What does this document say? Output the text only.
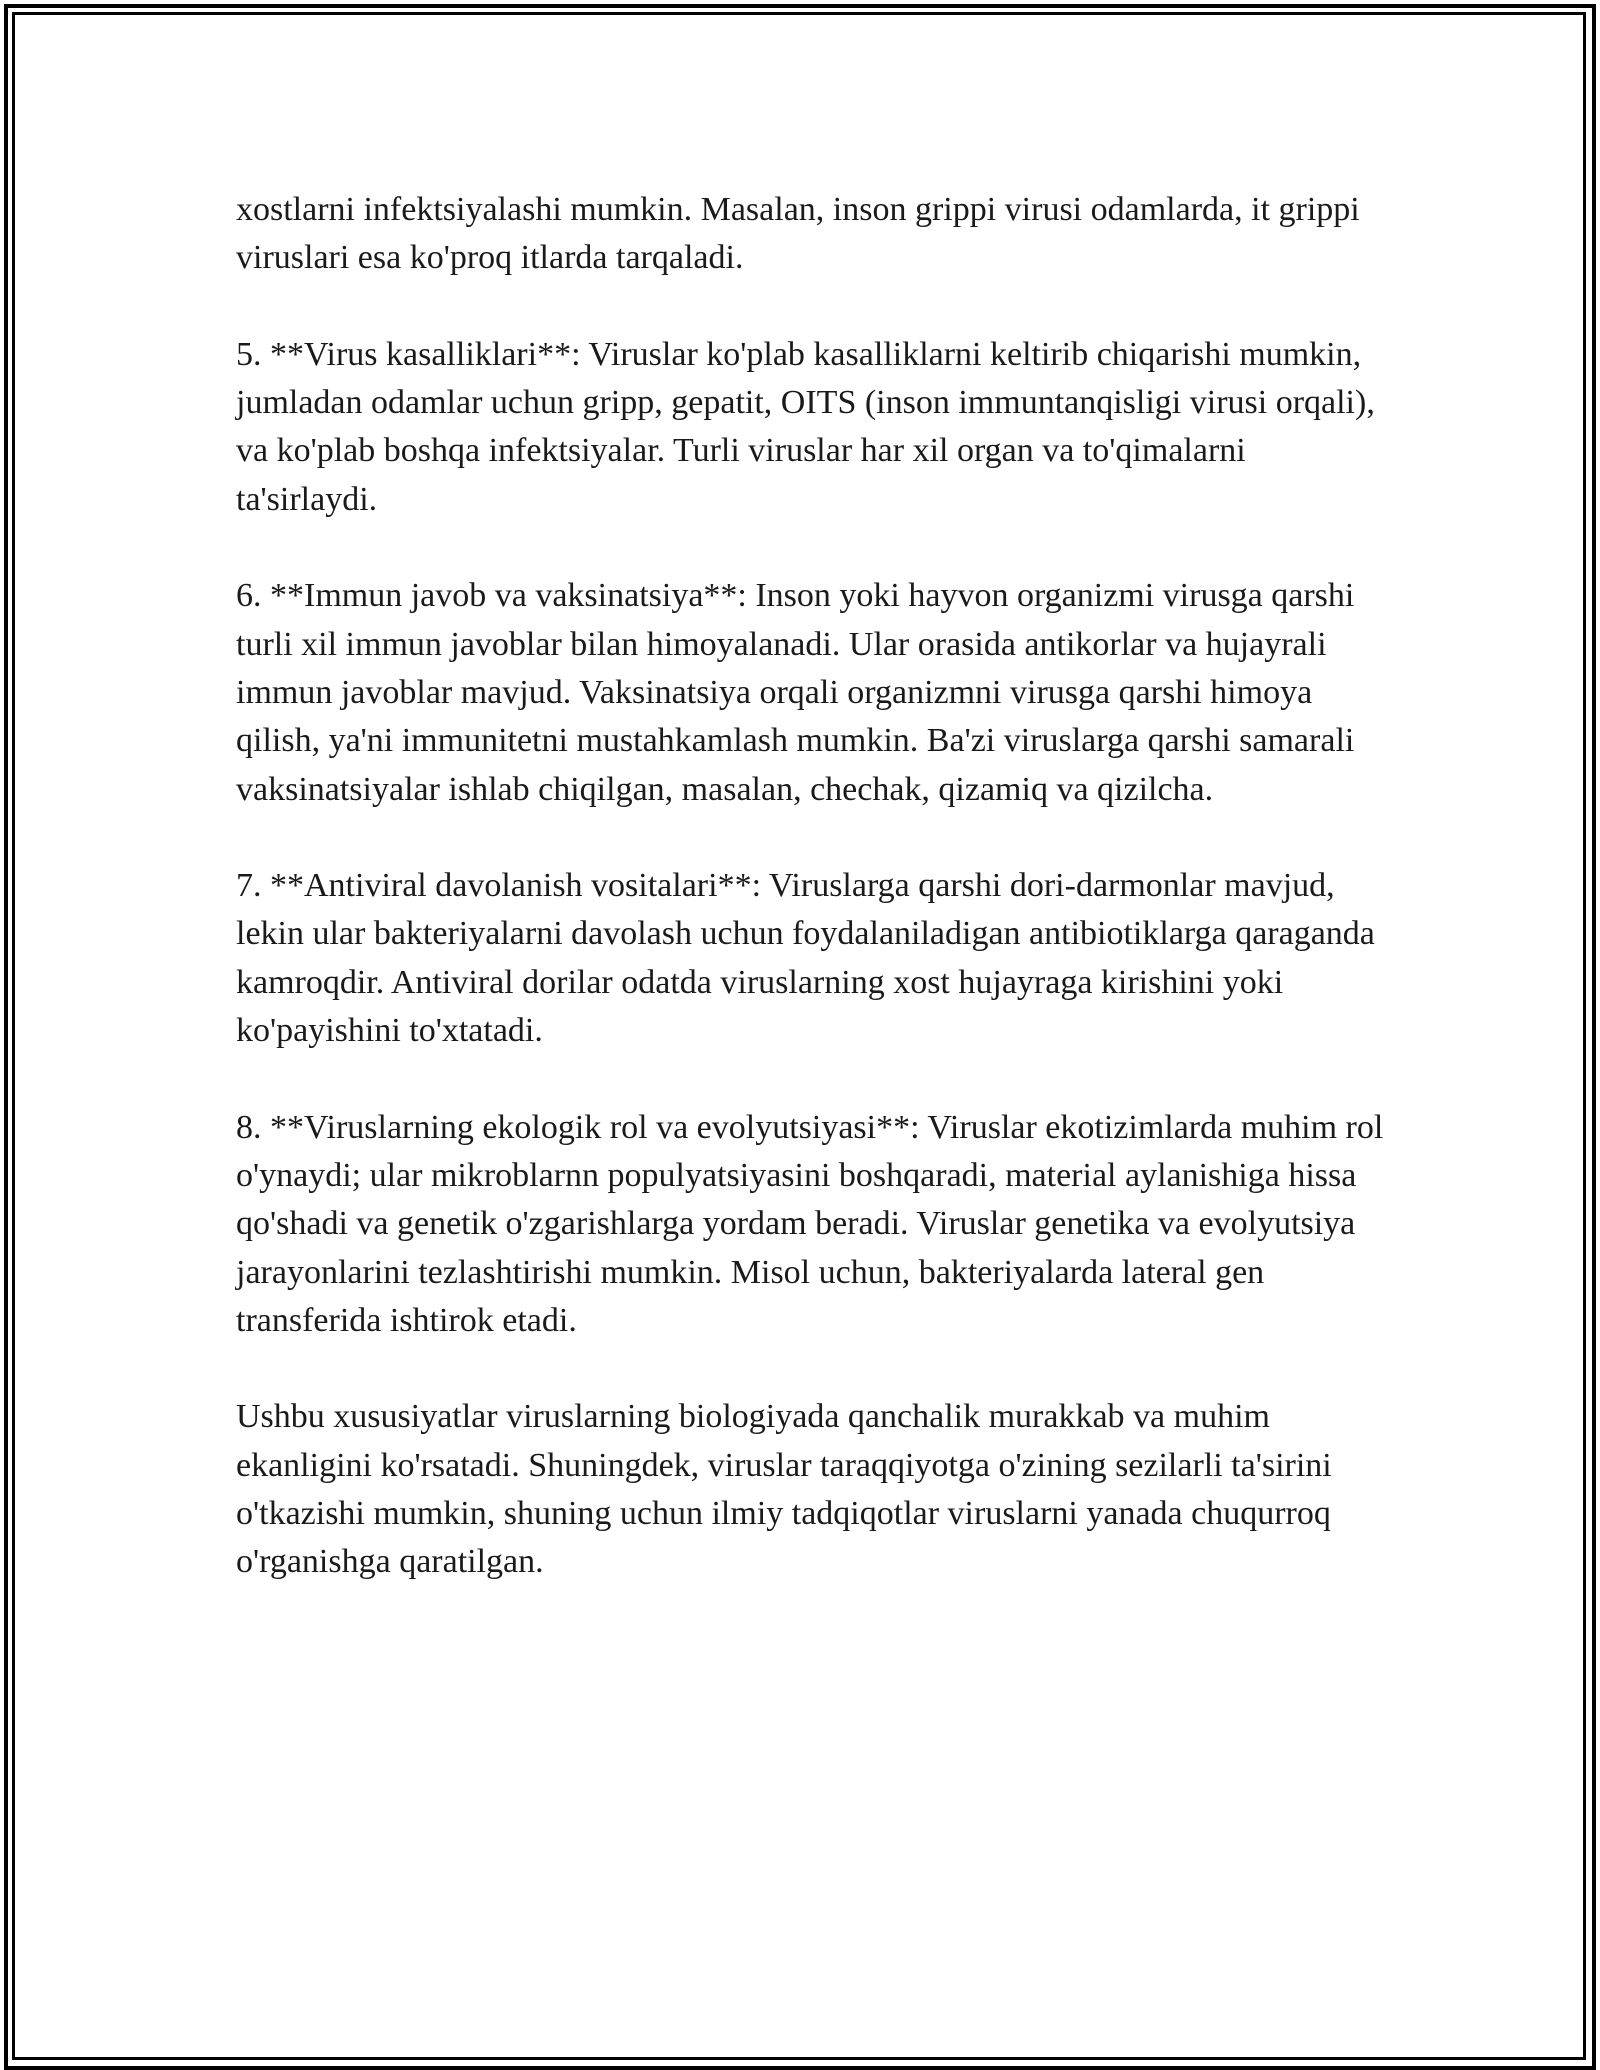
xostlarni infektsiyalashi mumkin. Masalan, inson grippi virusi odamlarda, it grippi viruslari esa ko'proq itlarda tarqaladi.

5. **Virus kasalliklari**: Viruslar ko'plab kasalliklarni keltirib chiqarishi mumkin, jumladan odamlar uchun gripp, gepatit, OITS (inson immuntanqisligi virusi orqali), va ko'plab boshqa infektsiyalar. Turli viruslar har xil organ va to'qimalarni ta'sirlaydi.

6. **Immun javob va vaksinatsiya**: Inson yoki hayvon organizmi virusga qarshi turli xil immun javoblar bilan himoyalanadi. Ular orasida antikorlar va hujayrali immun javoblar mavjud. Vaksinatsiya orqali organizmni virusga qarshi himoya qilish, ya'ni immunitetni mustahkamlash mumkin. Ba'zi viruslarga qarshi samarali vaksinatsiyalar ishlab chiqilgan, masalan, chechak, qizamiq va qizilcha.

7. **Antiviral davolanish vositalari**: Viruslarga qarshi dori-darmonlar mavjud, lekin ular bakteriyalarni davolash uchun foydalaniladigan antibiotiklarga qaraganda kamroqdir. Antiviral dorilar odatda viruslarning xost hujayraga kirishini yoki ko'payishini to'xtatadi.

8. **Viruslarning ekologik rol va evolyutsiyasi**: Viruslar ekotizimlarda muhim rol o'ynaydi; ular mikroblarnn populyatsiyasini boshqaradi, material aylanishiga hissa qo'shadi va genetik o'zgarishlarga yordam beradi. Viruslar genetika va evolyutsiya jarayonlarini tezlashtirishi mumkin. Misol uchun, bakteriyalarda lateral gen transferida ishtirok etadi.

Ushbu xususiyatlar viruslarning biologiyada qanchalik murakkab va muhim ekanligini ko'rsatadi. Shuningdek, viruslar taraqqiyotga o'zining sezilarli ta'sirini o'tkazishi mumkin, shuning uchun ilmiy tadqiqotlar viruslarni yanada chuqurroq o'rganishga qaratilgan.
